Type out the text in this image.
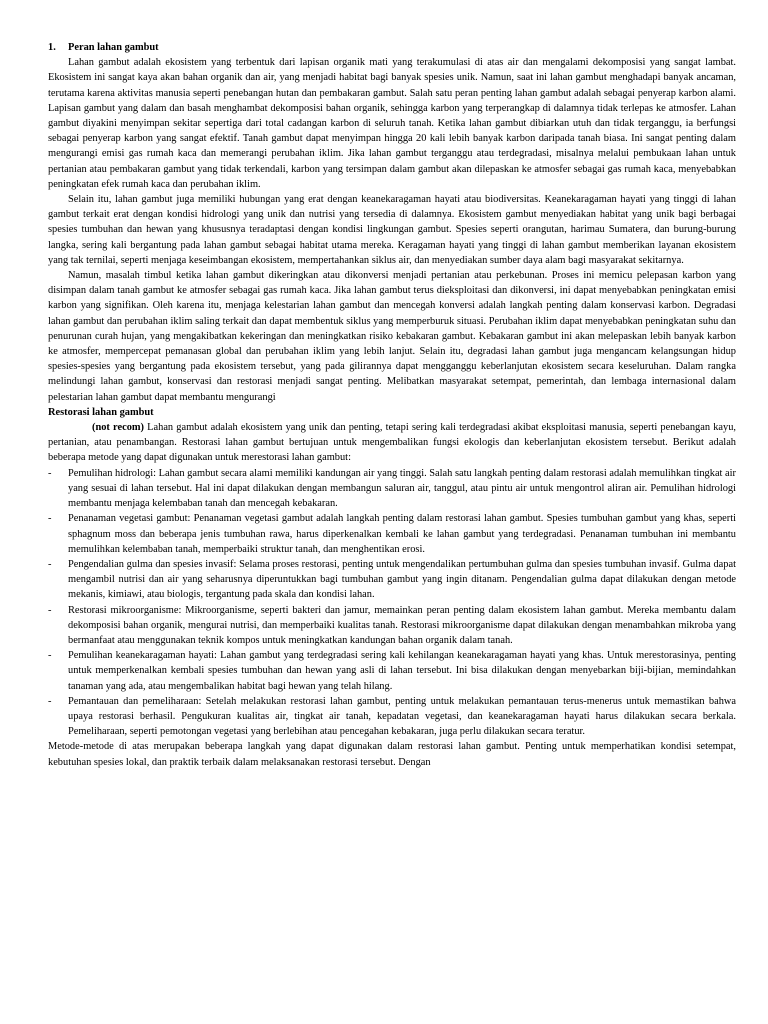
1.	Peran lahan gambut

Lahan gambut adalah ekosistem yang terbentuk dari lapisan organik mati yang terakumulasi di atas air dan mengalami dekomposisi yang sangat lambat. Ekosistem ini sangat kaya akan bahan organik dan air, yang menjadi habitat bagi banyak spesies unik. Namun, saat ini lahan gambut menghadapi banyak ancaman, terutama karena aktivitas manusia seperti penebangan hutan dan pembakaran gambut. Salah satu peran penting lahan gambut adalah sebagai penyerap karbon alami. Lapisan gambut yang dalam dan basah menghambat dekomposisi bahan organik, sehingga karbon yang terperangkap di dalamnya tidak terlepas ke atmosfer. Lahan gambut diyakini menyimpan sekitar sepertiga dari total cadangan karbon di seluruh tanah. Ketika lahan gambut dibiarkan utuh dan tidak terganggu, ia berfungsi sebagai penyerap karbon yang sangat efektif. Tanah gambut dapat menyimpan hingga 20 kali lebih banyak karbon daripada tanah biasa. Ini sangat penting dalam mengurangi emisi gas rumah kaca dan memerangi perubahan iklim. Jika lahan gambut terganggu atau terdegradasi, misalnya melalui pembukaan lahan untuk pertanian atau pembakaran gambut yang tidak terkendali, karbon yang tersimpan dalam gambut akan dilepaskan ke atmosfer sebagai gas rumah kaca, menyebabkan peningkatan efek rumah kaca dan perubahan iklim.

Selain itu, lahan gambut juga memiliki hubungan yang erat dengan keanekaragaman hayati atau biodiversitas. Keanekaragaman hayati yang tinggi di lahan gambut terkait erat dengan kondisi hidrologi yang unik dan nutrisi yang tersedia di dalamnya. Ekosistem gambut menyediakan habitat yang unik bagi berbagai spesies tumbuhan dan hewan yang khususnya teradaptasi dengan kondisi lingkungan gambut. Spesies seperti orangutan, harimau Sumatera, dan burung-burung langka, sering kali bergantung pada lahan gambut sebagai habitat utama mereka. Keragaman hayati yang tinggi di lahan gambut memberikan layanan ekosistem yang tak ternilai, seperti menjaga keseimbangan ekosistem, mempertahankan siklus air, dan menyediakan sumber daya alam bagi masyarakat sekitarnya.

Namun, masalah timbul ketika lahan gambut dikeringkan atau dikonversi menjadi pertanian atau perkebunan. Proses ini memicu pelepasan karbon yang disimpan dalam tanah gambut ke atmosfer sebagai gas rumah kaca. Jika lahan gambut terus dieksploitasi dan dikonversi, ini dapat menyebabkan peningkatan emisi karbon yang signifikan. Oleh karena itu, menjaga kelestarian lahan gambut dan mencegah konversi adalah langkah penting dalam konservasi karbon. Degradasi lahan gambut dan perubahan iklim saling terkait dan dapat membentuk siklus yang memperburuk situasi. Perubahan iklim dapat menyebabkan peningkatan suhu dan penurunan curah hujan, yang mengakibatkan kekeringan dan meningkatkan risiko kebakaran gambut. Kebakaran gambut ini akan melepaskan lebih banyak karbon ke atmosfer, mempercepat pemanasan global dan perubahan iklim yang lebih lanjut. Selain itu, degradasi lahan gambut juga mengancam kelangsungan hidup spesies-spesies yang bergantung pada ekosistem tersebut, yang pada gilirannya dapat mengganggu keberlanjutan ekosistem secara keseluruhan. Dalam rangka melindungi lahan gambut, konservasi dan restorasi menjadi sangat penting. Melibatkan masyarakat setempat, pemerintah, dan lembaga internasional dalam pelestarian lahan gambut dapat membantu mengurangi

Restorasi lahan gambut

(not recom) Lahan gambut adalah ekosistem yang unik dan penting, tetapi sering kali terdegradasi akibat eksploitasi manusia, seperti penebangan kayu, pertanian, atau penambangan. Restorasi lahan gambut bertujuan untuk mengembalikan fungsi ekologis dan keberlanjutan ekosistem tersebut. Berikut adalah beberapa metode yang dapat digunakan untuk merestorasi lahan gambut:

-	Pemulihan hidrologi: Lahan gambut secara alami memiliki kandungan air yang tinggi. Salah satu langkah penting dalam restorasi adalah memulihkan tingkat air yang sesuai di lahan tersebut. Hal ini dapat dilakukan dengan membangun saluran air, tanggul, atau pintu air untuk mengontrol aliran air. Pemulihan hidrologi membantu menjaga kelembaban tanah dan mencegah kebakaran.
-	Penanaman vegetasi gambut: Penanaman vegetasi gambut adalah langkah penting dalam restorasi lahan gambut. Spesies tumbuhan gambut yang khas, seperti sphagnum moss dan beberapa jenis tumbuhan rawa, harus diperkenalkan kembali ke lahan gambut yang terdegradasi. Penanaman tumbuhan ini membantu memulihkan kelembaban tanah, memperbaiki struktur tanah, dan menghentikan erosi.
-	Pengendalian gulma dan spesies invasif: Selama proses restorasi, penting untuk mengendalikan pertumbuhan gulma dan spesies tumbuhan invasif. Gulma dapat mengambil nutrisi dan air yang seharusnya diperuntukkan bagi tumbuhan gambut yang ingin ditanam. Pengendalian gulma dapat dilakukan dengan metode mekanis, kimiawi, atau biologis, tergantung pada skala dan kondisi lahan.
-	Restorasi mikroorganisme: Mikroorganisme, seperti bakteri dan jamur, memainkan peran penting dalam ekosistem lahan gambut. Mereka membantu dalam dekomposisi bahan organik, mengurai nutrisi, dan memperbaiki kualitas tanah. Restorasi mikroorganisme dapat dilakukan dengan menambahkan mikroba yang bermanfaat atau menggunakan teknik kompos untuk meningkatkan kandungan bahan organik dalam tanah.
-	Pemulihan keanekaragaman hayati: Lahan gambut yang terdegradasi sering kali kehilangan keanekaragaman hayati yang khas. Untuk merestorasinya, penting untuk memperkenalkan kembali spesies tumbuhan dan hewan yang asli di lahan tersebut. Ini bisa dilakukan dengan menyebarkan biji-bijian, memindahkan tanaman yang ada, atau mengembalikan habitat bagi hewan yang telah hilang.
-	Pemantauan dan pemeliharaan: Setelah melakukan restorasi lahan gambut, penting untuk melakukan pemantauan terus-menerus untuk memastikan bahwa upaya restorasi berhasil. Pengukuran kualitas air, tingkat air tanah, kepadatan vegetasi, dan keanekaragaman hayati harus dilakukan secara berkala. Pemeliharaan, seperti pemotongan vegetasi yang berlebihan atau pencegahan kebakaran, juga perlu dilakukan secara teratur.

Metode-metode di atas merupakan beberapa langkah yang dapat digunakan dalam restorasi lahan gambut. Penting untuk memperhatikan kondisi setempat, kebutuhan spesies lokal, dan praktik terbaik dalam melaksanakan restorasi tersebut. Dengan
